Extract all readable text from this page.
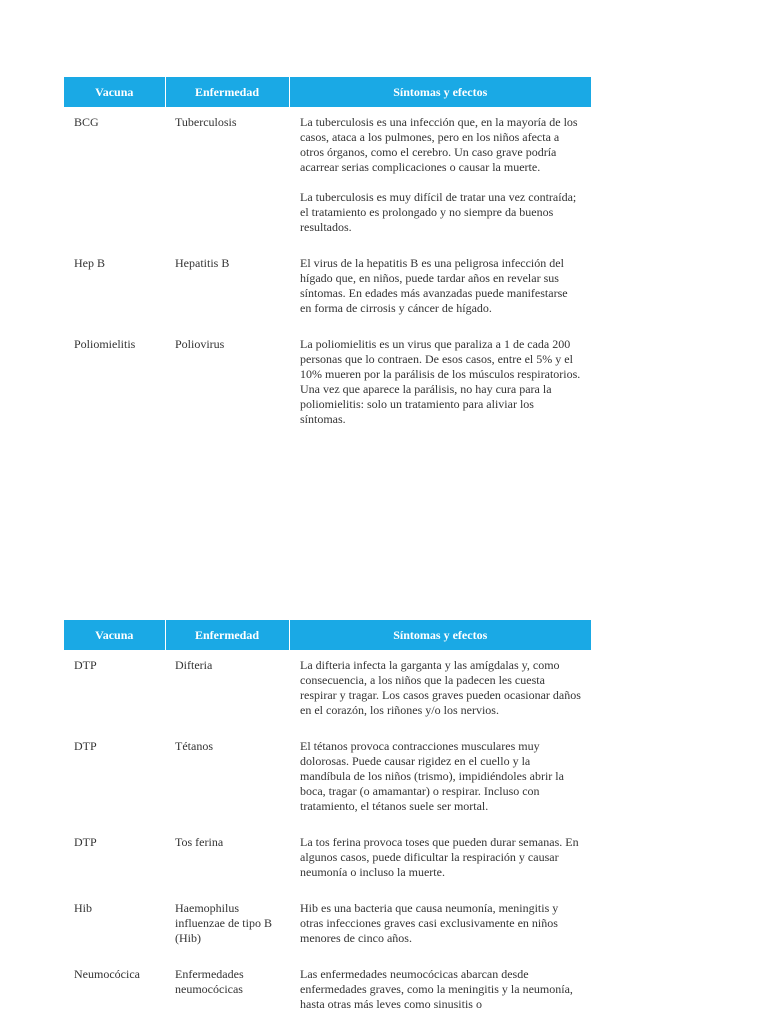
Vacuna	Enfermedad	Síntomas y efectos
BCG	Tuberculosis	La tuberculosis es una infección que, en la mayoría de los casos, ataca a los pulmones, pero en los niños afecta a otros órganos, como el cerebro. Un caso grave podría acarrear serias complicaciones o causar la muerte.

La tuberculosis es muy difícil de tratar una vez contraída; el tratamiento es prolongado y no siempre da buenos resultados.

Hep B	Hepatitis B	El virus de la hepatitis B es una peligrosa infección del hígado que, en niños, puede tardar años en revelar sus síntomas. En edades más avanzadas puede manifestarse en forma de cirrosis y cáncer de hígado.

Poliomielitis	Poliovirus	La poliomielitis es un virus que paraliza a 1 de cada 200 personas que lo contraen. De esos casos, entre el 5% y el 10% mueren por la parálisis de los músculos respiratorios. Una vez que aparece la parálisis, no hay cura para la poliomielitis: solo un tratamiento para aliviar los síntomas.

Vacuna	Enfermedad	Síntomas y efectos
DTP	Difteria	La difteria infecta la garganta y las amígdalas y, como consecuencia, a los niños que la padecen les cuesta respirar y tragar. Los casos graves pueden ocasionar daños en el corazón, los riñones y/o los nervios.

DTP	Tétanos	El tétanos provoca contracciones musculares muy dolorosas. Puede causar rigidez en el cuello y la mandíbula de los niños (trismo), impidiéndoles abrir la boca, tragar (o amamantar) o respirar. Incluso con tratamiento, el tétanos suele ser mortal.

DTP	Tos ferina	La tos ferina provoca toses que pueden durar semanas. En algunos casos, puede dificultar la respiración y causar neumonía o incluso la muerte.

Hib	Haemophilus influenzae de tipo B (Hib)	Hib es una bacteria que causa neumonía, meningitis y otras infecciones graves casi exclusivamente en niños menores de cinco años.

Neumocócica	Enfermedades neumocócicas	Las enfermedades neumocócicas abarcan desde enfermedades graves, como la meningitis y la neumonía, hasta otras más leves como sinusitis o
